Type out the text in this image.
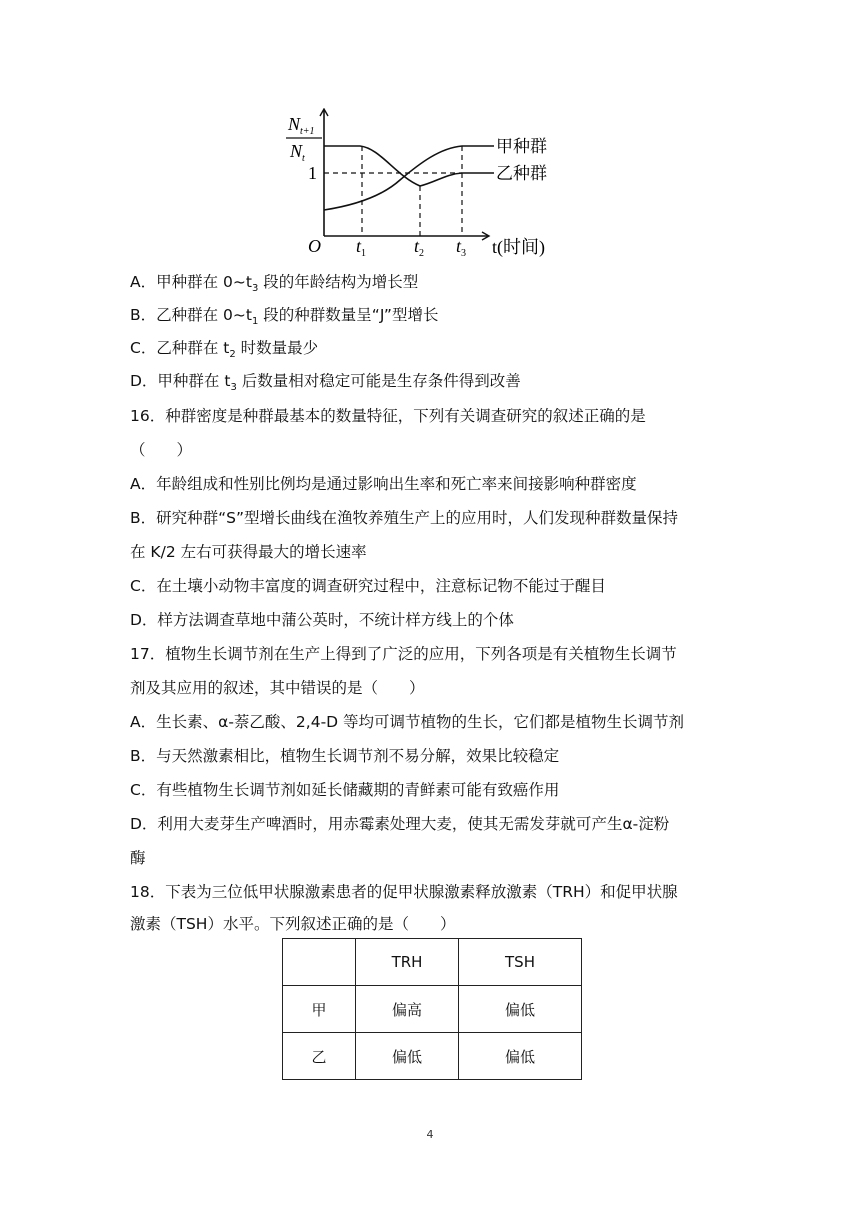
$N_{t+1}$
$N_t$
1
甲种群
乙种群
O $t_1$	$t_2$ $t_3$ t(时间)
A．甲种群在 $0\sim t_3$ 段的年龄结构为增长型
B．乙种群在 $0\sim t_1$ 段的种群数量呈“J”型增长
C．乙种群在 $t_2$ 时数量最少
D．甲种群在 $t_3$ 后数量相对稳定可能是生存条件得到改善
16．种群密度是种群最基本的数量特征，下列有关调查研究的叙述正确的是
（　　）
A．年龄组成和性别比例均是通过影响出生率和死亡率来间接影响种群密度
B．研究种群“S”型增长曲线在渔牧养殖生产上的应用时，人们发现种群数量保持
在 K/2 左右可获得最大的增长速率
C．在土壤小动物丰富度的调查研究过程中，注意标记物不能过于醒目
D．样方法调查草地中蒲公英时，不统计样方线上的个体
17．植物生长调节剂在生产上得到了广泛的应用，下列各项是有关植物生长调节
剂及其应用的叙述，其中错误的是（　　）
A．生长素、α-萘乙酸、2,4-D 等均可调节植物的生长，它们都是植物生长调节剂
B．与天然激素相比，植物生长调节剂不易分解，效果比较稳定
C．有些植物生长调节剂如延长储藏期的青鲜素可能有致癌作用
D．利用大麦芽生产啤酒时，用赤霉素处理大麦，使其无需发芽就可产生α-淀粉
酶
18．下表为三位低甲状腺激素患者的促甲状腺激素释放激素（TRH）和促甲状腺
激素（TSH）水平。下列叙述正确的是（　　）
	TRH	TSH
甲	偏高	偏低
乙	偏低	偏低
4
